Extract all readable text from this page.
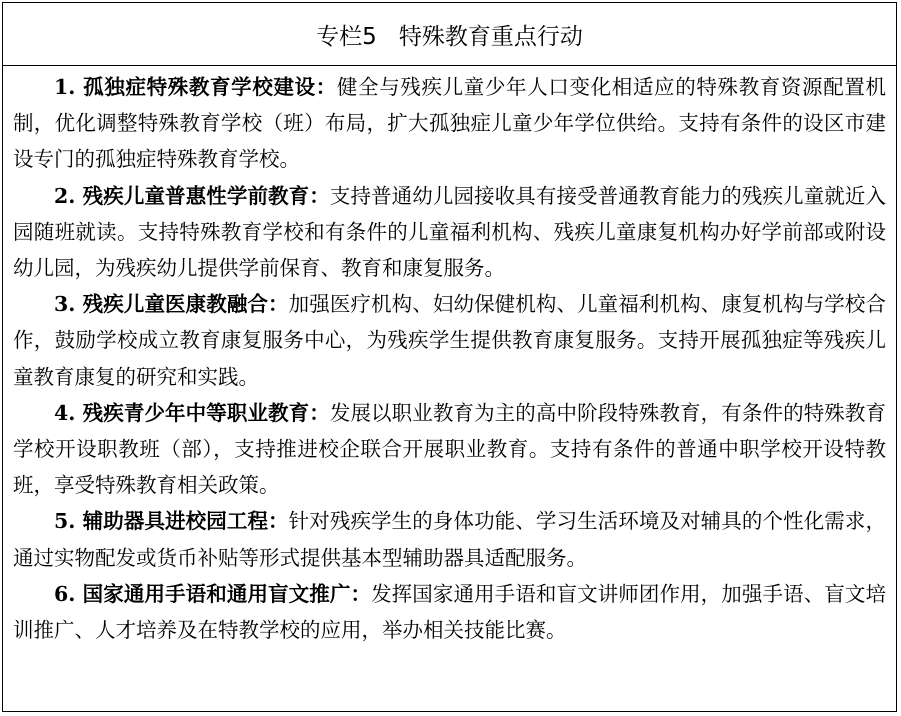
专栏5 特殊教育重点行动

1. 孤独症特殊教育学校建设：健全与残疾儿童少年人口变化相适应的特殊教育资源配置机制，优化调整特殊教育学校（班）布局，扩大孤独症儿童少年学位供给。支持有条件的设区市建设专门的孤独症特殊教育学校。

2. 残疾儿童普惠性学前教育：支持普通幼儿园接收具有接受普通教育能力的残疾儿童就近入园随班就读。支持特殊教育学校和有条件的儿童福利机构、残疾儿童康复机构办好学前部或附设幼儿园，为残疾幼儿提供学前保育、教育和康复服务。

3. 残疾儿童医康教融合：加强医疗机构、妇幼保健机构、儿童福利机构、康复机构与学校合作，鼓励学校成立教育康复服务中心，为残疾学生提供教育康复服务。支持开展孤独症等残疾儿童教育康复的研究和实践。

4. 残疾青少年中等职业教育：发展以职业教育为主的高中阶段特殊教育，有条件的特殊教育学校开设职教班（部），支持推进校企联合开展职业教育。支持有条件的普通中职学校开设特教班，享受特殊教育相关政策。

5. 辅助器具进校园工程：针对残疾学生的身体功能、学习生活环境及对辅具的个性化需求，通过实物配发或货币补贴等形式提供基本型辅助器具适配服务。

6. 国家通用手语和通用盲文推广：发挥国家通用手语和盲文讲师团作用，加强手语、盲文培训推广、人才培养及在特教学校的应用，举办相关技能比赛。
